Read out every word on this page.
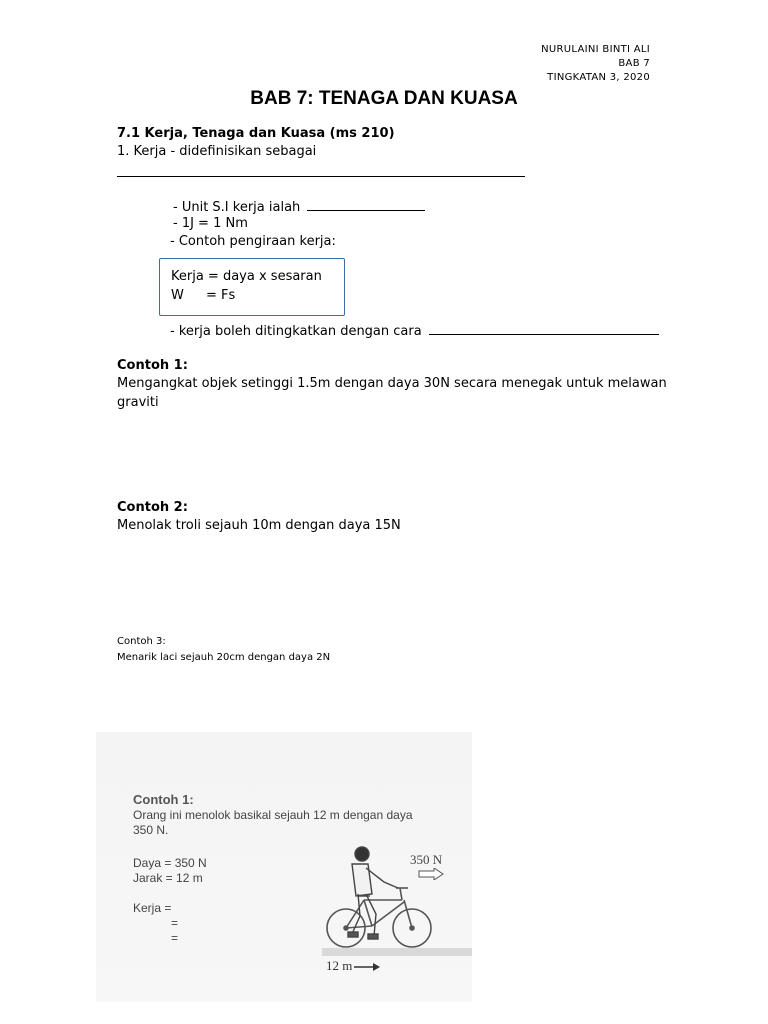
NURULAINI BINTI ALI
BAB 7
TINGKATAN 3, 2020
BAB 7: TENAGA DAN KUASA
7.1 Kerja, Tenaga dan Kuasa (ms 210)
1. Kerja - didefinisikan sebagai
- Unit S.I kerja ialah
- 1J = 1 Nm
- Contoh pengiraan kerja:
Kerja = daya x sesaran
W = Fs
- kerja boleh ditingkatkan dengan cara
Contoh 1:
Mengangkat objek setinggi 1.5m dengan daya 30N secara menegak untuk melawan
graviti
Contoh 2:
Menolak troli sejauh 10m dengan daya 15N
Contoh 3:
Menarik laci sejauh 20cm dengan daya 2N
Contoh 1:
Orang ini menolok basikal sejauh 12 m dengan daya
350 N.
Daya = 350 N
Jarak = 12 m
Kerja =
=
=
350 N
12 m
